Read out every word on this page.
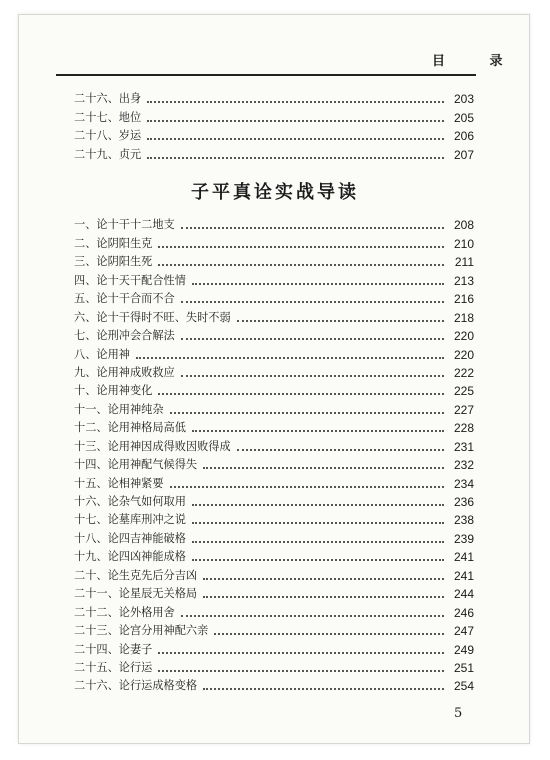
目 录
二十六、 出身	203
二十七、 地位	205
二十八、 岁运	206
二十九、 贞元	207
子平真诠实战导读
一、 论十干十二地支	208
二、 论阴阳生克	210
三、 论阴阳生死	211
四、 论十天干配合性情	213
五、 论十干合而不合	216
六、 论十干得时不旺、失时不弱	218
七、 论刑冲会合解法	220
八、 论用神	220
九、 论用神成败救应	222
十、 论用神变化	225
十一、 论用神纯杂	227
十二、 论用神格局高低	228
十三、 论用神因成得败因败得成	231
十四、 论用神配气候得失	232
十五、 论相神紧要	234
十六、 论杂气如何取用	236
十七、 论墓库刑冲之说	238
十八、 论四吉神能破格	239
十九、 论四凶神能成格	241
二十、 论生克先后分吉凶	241
二十一、 论星辰无关格局	244
二十二、 论外格用舍	246
二十三、 论宫分用神配六亲	247
二十四、 论妻子	249
二十五、 论行运	251
二十六、 论行运成格变格	254
5
